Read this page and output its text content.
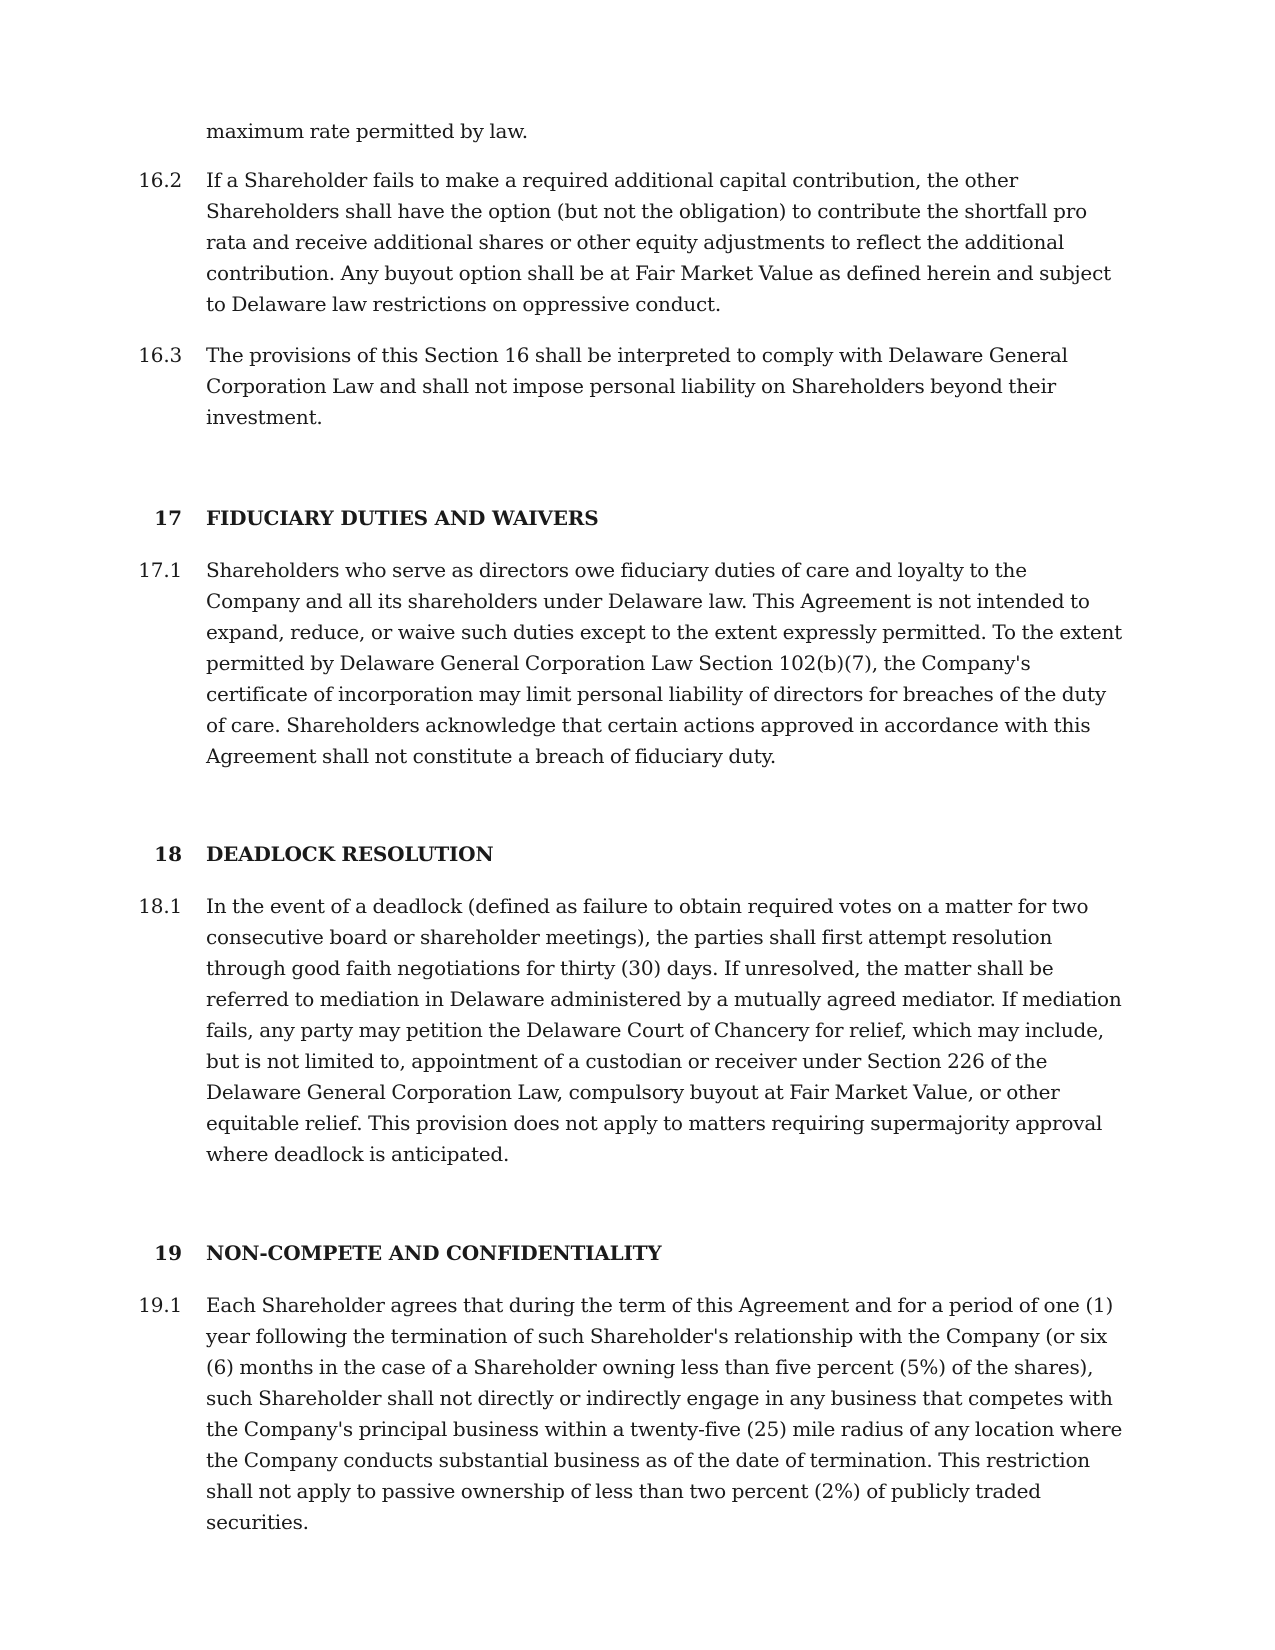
maximum rate permitted by law.
16.2 If a Shareholder fails to make a required additional capital contribution, the other Shareholders shall have the option (but not the obligation) to contribute the shortfall pro rata and receive additional shares or other equity adjustments to reflect the additional contribution. Any buyout option shall be at Fair Market Value as defined herein and subject to Delaware law restrictions on oppressive conduct.
16.3 The provisions of this Section 16 shall be interpreted to comply with Delaware General Corporation Law and shall not impose personal liability on Shareholders beyond their investment.
17 FIDUCIARY DUTIES AND WAIVERS
17.1 Shareholders who serve as directors owe fiduciary duties of care and loyalty to the Company and all its shareholders under Delaware law. This Agreement is not intended to expand, reduce, or waive such duties except to the extent expressly permitted. To the extent permitted by Delaware General Corporation Law Section 102(b)(7), the Company's certificate of incorporation may limit personal liability of directors for breaches of the duty of care. Shareholders acknowledge that certain actions approved in accordance with this Agreement shall not constitute a breach of fiduciary duty.
18 DEADLOCK RESOLUTION
18.1 In the event of a deadlock (defined as failure to obtain required votes on a matter for two consecutive board or shareholder meetings), the parties shall first attempt resolution through good faith negotiations for thirty (30) days. If unresolved, the matter shall be referred to mediation in Delaware administered by a mutually agreed mediator. If mediation fails, any party may petition the Delaware Court of Chancery for relief, which may include, but is not limited to, appointment of a custodian or receiver under Section 226 of the Delaware General Corporation Law, compulsory buyout at Fair Market Value, or other equitable relief. This provision does not apply to matters requiring supermajority approval where deadlock is anticipated.
19 NON-COMPETE AND CONFIDENTIALITY
19.1 Each Shareholder agrees that during the term of this Agreement and for a period of one (1) year following the termination of such Shareholder's relationship with the Company (or six (6) months in the case of a Shareholder owning less than five percent (5%) of the shares), such Shareholder shall not directly or indirectly engage in any business that competes with the Company's principal business within a twenty-five (25) mile radius of any location where the Company conducts substantial business as of the date of termination. This restriction shall not apply to passive ownership of less than two percent (2%) of publicly traded securities.
